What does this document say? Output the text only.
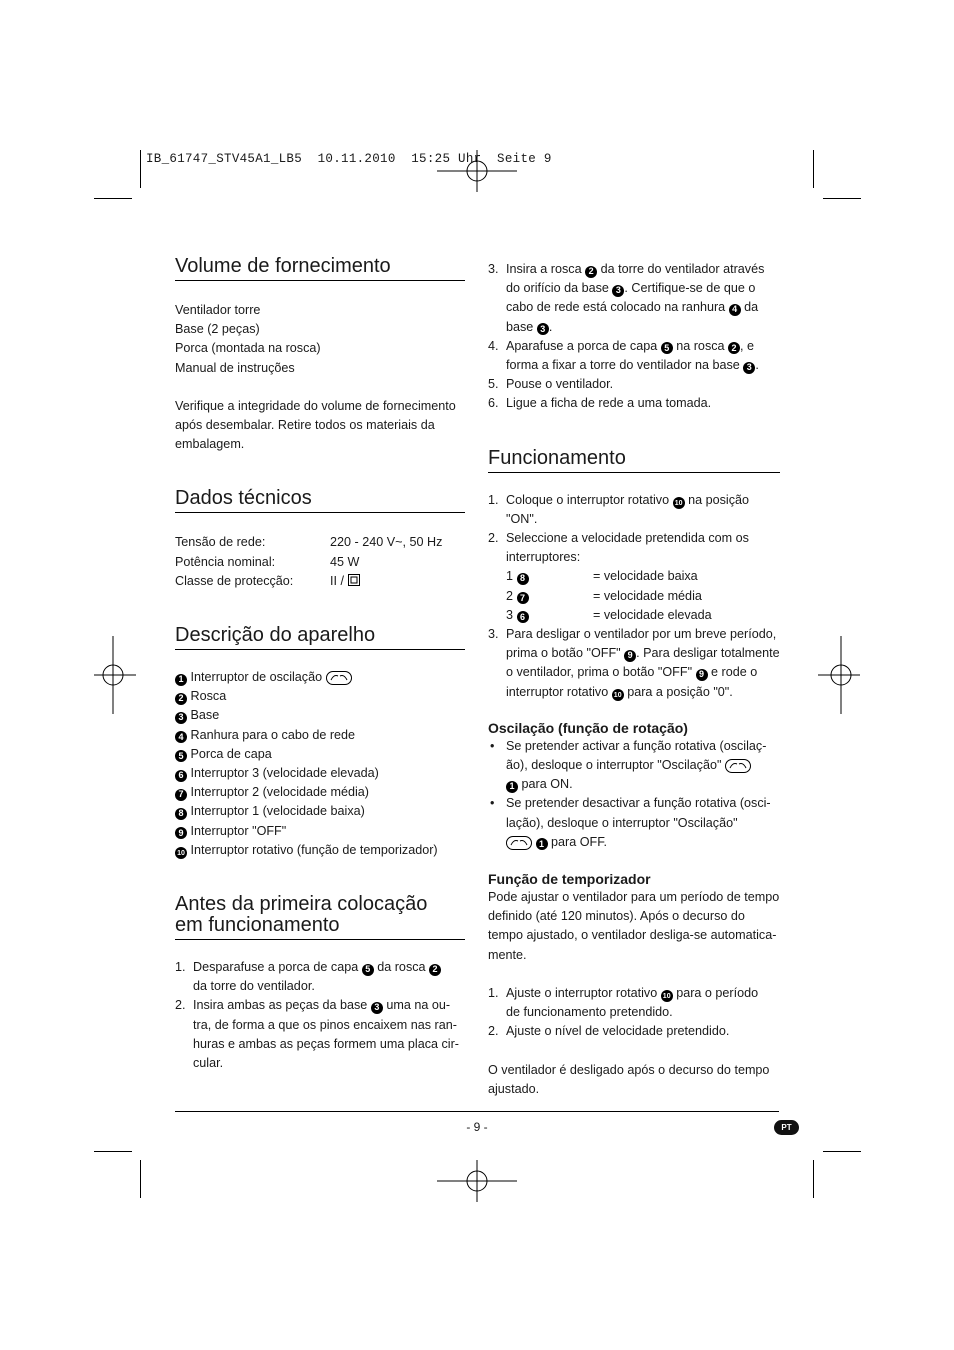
IB_61747_STV45A1_LB5  10.11.2010  15:25 Uhr  Seite 9
Volume de fornecimento

Ventilador torre

Base (2 peças)

Porca (montada na rosca)

Manual de instruções

Verifique a integridade do volume de fornecimento após desembalar. Retire todos os materiais da embalagem.

Dados técnicos
Tensão de rede:	220 - 240 V~, 50 Hz
Potência nominal:	45 W
Classe de protecção:	II /
Descrição do aparelho

1 Interruptor de oscilação

2 Rosca

3 Base

4 Ranhura para o cabo de rede

5 Porca de capa

6 Interruptor 3 (velocidade elevada)

7 Interruptor 2 (velocidade média)

8 Interruptor 1 (velocidade baixa)

9 Interruptor "OFF"

10 Interruptor rotativo (função de temporizador)

Antes da primeira colocação
em funcionamento
1. Desparafuse a porca de capa 5 da rosca 2
da torre do ventilador.
2. Insira ambas as peças da base 3 uma na ou-
tra, de forma a que os pinos encaixem nas ran-
huras e ambas as peças formem uma placa cir-
cular.
3. Insira a rosca 2 da torre do ventilador através
do orifício da base 3 . Certifique-se de que o
cabo de rede está colocado na ranhura 4 da
base 3 .
4. Aparafuse a porca de capa 5 na rosca 2 , e
forma a fixar a torre do ventilador na base 3 .
5. Pouse o ventilador.
6. Ligue a ficha de rede a uma tomada.
Funcionamento
1. Coloque o interruptor rotativo 10 na posição
"ON".
2. Seleccione a velocidade pretendida com os
interruptores:
1 8	= velocidade baixa
2 7	= velocidade média
3 6	= velocidade elevada
3. Para desligar o ventilador por um breve período,
prima o botão "OFF" 9 . Para desligar totalmente
o ventilador, prima o botão "OFF" 9 e rode o
interruptor rotativo 10 para a posição "0".
Oscilação (função de rotação)
• Se pretender activar a função rotativa (oscilaç-
ão), desloque o interruptor "Oscilação"
1 para ON.
• Se pretender desactivar a função rotativa (osci-
lação), desloque o interruptor "Oscilação"
1 para OFF.
Função de temporizador

Pode ajustar o ventilador para um período de tempo
definido (até 120 minutos). Após o decurso do
tempo ajustado, o ventilador desliga-se automatica-
mente.

1. Ajuste o interruptor rotativo 10 para o período
de funcionamento pretendido.
2. Ajuste o nível de velocidade pretendido.

O ventilador é desligado após o decurso do tempo
ajustado.

- 9 -	PT
